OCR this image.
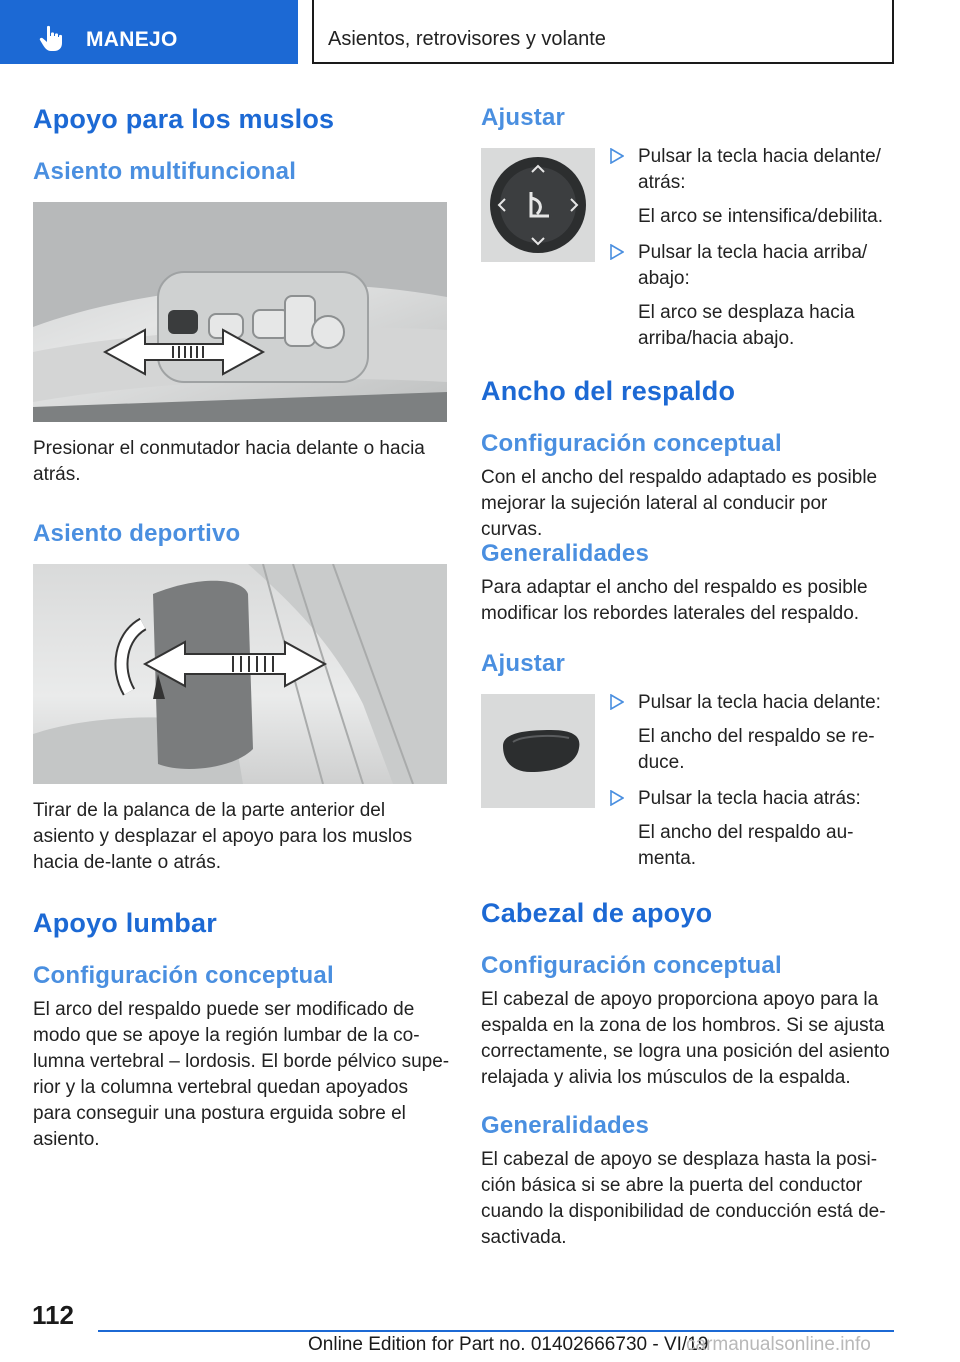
MANEJO	Asientos, retrovisores y volante
Apoyo para los muslos
Asiento multifuncional

Presionar el conmutador hacia delante o hacia atrás.

Asiento deportivo

Tirar de la palanca de la parte anterior del asiento y desplazar el apoyo para los muslos hacia de-lante o atrás.

Apoyo lumbar
Configuración conceptual

El arco del respaldo puede ser modificado de modo que se apoye la región lumbar de la co-lumna vertebral – lordosis. El borde pélvico supe-rior y la columna vertebral quedan apoyados para conseguir una postura erguida sobre el asiento.

Ajustar
Pulsar la tecla hacia delante/ atrás:
El arco se intensifica/debilita.
Pulsar la tecla hacia arriba/ abajo:
El arco se desplaza hacia arriba/hacia abajo.
Ancho del respaldo
Configuración conceptual

Con el ancho del respaldo adaptado es posible mejorar la sujeción lateral al conducir por curvas.

Generalidades

Para adaptar el ancho del respaldo es posible modificar los rebordes laterales del respaldo.

Ajustar
Pulsar la tecla hacia delante:
El ancho del respaldo se re-duce.
Pulsar la tecla hacia atrás:
El ancho del respaldo au-menta.
Cabezal de apoyo
Configuración conceptual

El cabezal de apoyo proporciona apoyo para la espalda en la zona de los hombros. Si se ajusta correctamente, se logra una posición del asiento relajada y alivia los músculos de la espalda.

Generalidades

El cabezal de apoyo se desplaza hasta la posi-ción básica si se abre la puerta del conductor cuando la disponibilidad de conducción está de-sactivada.

112
Online Edition for Part no. 01402666730 - VI/19
carmanualsonline.info
